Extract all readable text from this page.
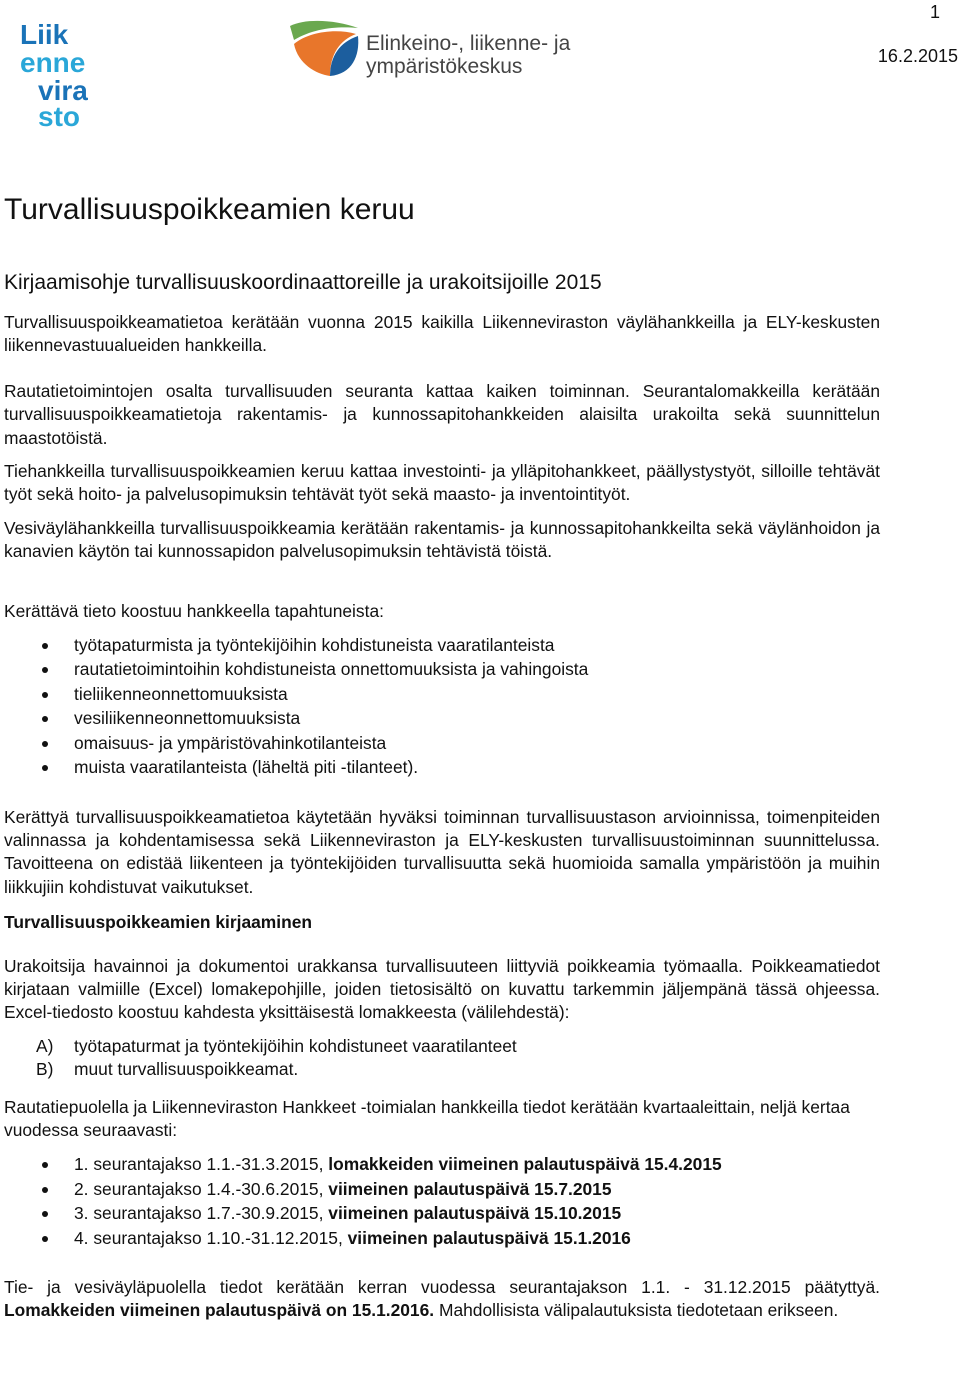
1
16.2.2015
Liik
enne
vira
sto
Elinkeino-, liikenne- ja
ympäristökeskus
Turvallisuuspoikkeamien keruu
Kirjaamisohje turvallisuuskoordinaattoreille ja urakoitsijoille 2015

Turvallisuuspoikkeamatietoa kerätään vuonna 2015 kaikilla Liikenneviraston väylähankkeilla ja ELY-keskusten liikennevastuualueiden hankkeilla.

Rautatietoimintojen osalta turvallisuuden seuranta kattaa kaiken toiminnan. Seurantalomakkeilla kerätään turvallisuuspoikkeamatietoja rakentamis- ja kunnossapitohankkeiden alaisilta urakoilta sekä suunnittelun maastotöistä.

Tiehankkeilla turvallisuuspoikkeamien keruu kattaa investointi- ja ylläpitohankkeet, päällystystyöt, silloille tehtävät työt sekä hoito- ja palvelusopimuksin tehtävät työt sekä maasto- ja inventointityöt.

Vesiväylähankkeilla turvallisuuspoikkeamia kerätään rakentamis- ja kunnossapitohankkeilta sekä väylänhoidon ja kanavien käytön tai kunnossapidon palvelusopimuksin tehtävistä töistä.

Kerättävä tieto koostuu hankkeella tapahtuneista:

työtapaturmista ja työntekijöihin kohdistuneista vaaratilanteista
rautatietoimintoihin kohdistuneista onnettomuuksista ja vahingoista
tieliikenneonnettomuuksista
vesiliikenneonnettomuuksista
omaisuus- ja ympäristövahinkotilanteista
muista vaaratilanteista (läheltä piti -tilanteet).

Kerättyä turvallisuuspoikkeamatietoa käytetään hyväksi toiminnan turvallisuustason arvioinnissa, toimenpiteiden valinnassa ja kohdentamisessa sekä Liikenneviraston ja ELY-keskusten turvallisuustoiminnan suunnittelussa. Tavoitteena on edistää liikenteen ja työntekijöiden turvallisuutta sekä huomioida samalla ympäristöön ja muihin liikkujiin kohdistuvat vaikutukset.

Turvallisuuspoikkeamien kirjaaminen

Urakoitsija havainnoi ja dokumentoi urakkansa turvallisuuteen liittyviä poikkeamia työmaalla. Poikkeamatiedot kirjataan valmiille (Excel) lomakepohjille, joiden tietosisältö on kuvattu tarkemmin jäljempänä tässä ohjeessa. Excel-tiedosto koostuu kahdesta yksittäisestä lomakkeesta (välilehdestä):

A) työtapaturmat ja työntekijöihin kohdistuneet vaaratilanteet
B) muut turvallisuuspoikkeamat.

Rautatiepuolella ja Liikenneviraston Hankkeet -toimialan hankkeilla tiedot kerätään kvartaaleittain, neljä kertaa vuodessa seuraavasti:

1. seurantajakso 1.1.-31.3.2015, lomakkeiden viimeinen palautuspäivä 15.4.2015
2. seurantajakso 1.4.-30.6.2015, viimeinen palautuspäivä 15.7.2015
3. seurantajakso 1.7.-30.9.2015, viimeinen palautuspäivä 15.10.2015
4. seurantajakso 1.10.-31.12.2015, viimeinen palautuspäivä 15.1.2016

Tie- ja vesiväyläpuolella tiedot kerätään kerran vuodessa seurantajakson 1.1. - 31.12.2015 päätyttyä. Lomakkeiden viimeinen palautuspäivä on 15.1.2016. Mahdollisista välipalautuksista tiedotetaan erikseen.
